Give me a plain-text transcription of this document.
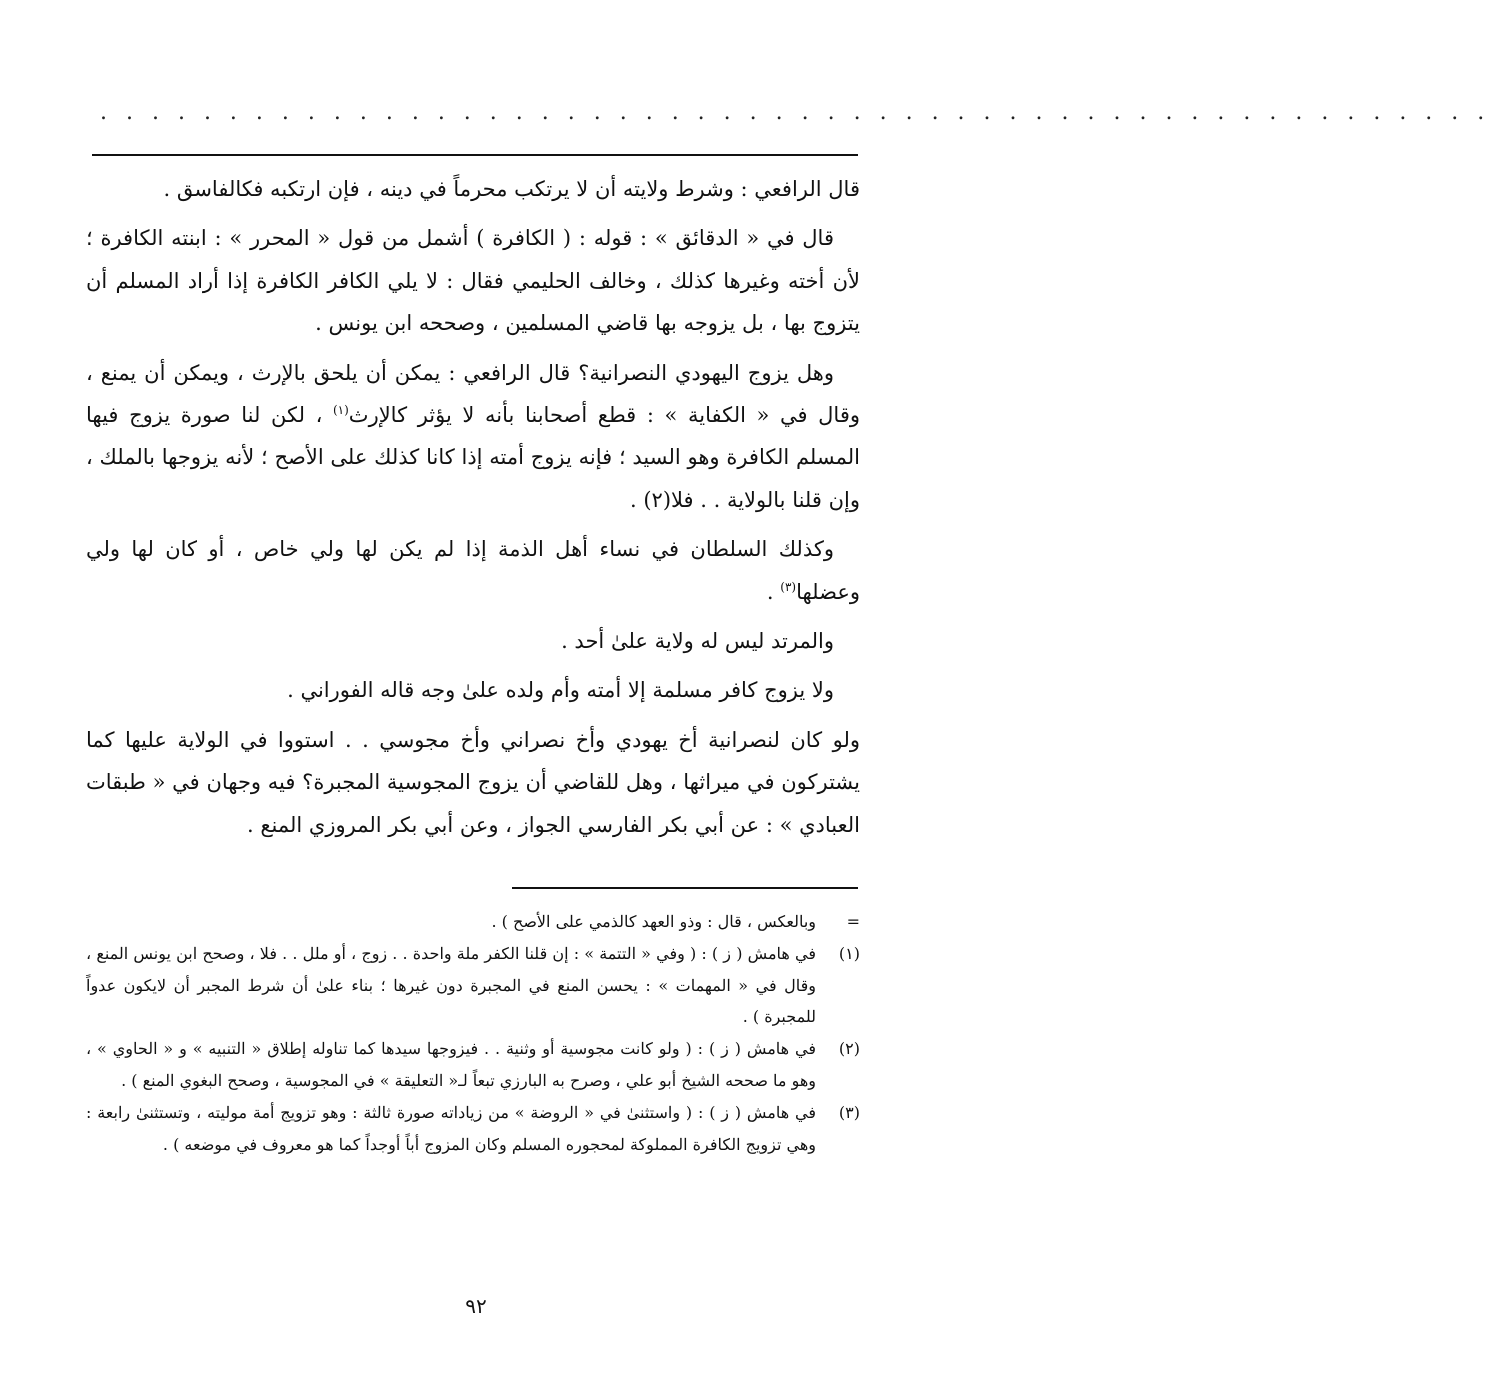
. . . . . . . . . . . . . . . . . . . . . . . . . . . . . . . . . . . . . . . . . . . . . . . . . . . . . .

قال الرافعي : وشرط ولايته أن لا يرتكب محرماً في دينه ، فإن ارتكبه فكالفاسق .

قال في « الدقائق » : قوله : ( الكافرة ) أشمل من قول « المحرر » : ابنته الكافرة ؛ لأن أخته وغيرها كذلك ، وخالف الحليمي فقال : لا يلي الكافر الكافرة إذا أراد المسلم أن يتزوج بها ، بل يزوجه بها قاضي المسلمين ، وصححه ابن يونس .

وهل يزوج اليهودي النصرانية؟ قال الرافعي : يمكن أن يلحق بالإرث ، ويمكن أن يمنع ، وقال في « الكفاية » : قطع أصحابنا بأنه لا يؤثر كالإرث$^{(١)}$ ، لكن لنا صورة يزوج فيها المسلم الكافرة وهو السيد ؛ فإنه يزوج أمته إذا كانا كذلك على الأصح ؛ لأنه يزوجها بالملك ، وإن قلنا بالولاية . . فلا(٢) .

وكذلك السلطان في نساء أهل الذمة إذا لم يكن لها ولي خاص ، أو كان لها ولي وعضلها$^{(٣)}$ .

والمرتد ليس له ولاية علىٰ أحد .

ولا يزوج كافر مسلمة إلا أمته وأم ولده علىٰ وجه قاله الفوراني .

ولو كان لنصرانية أخ يهودي وأخ نصراني وأخ مجوسي . . استووا في الولاية عليها كما يشتركون في ميراثها ، وهل للقاضي أن يزوج المجوسية المجبرة؟ فيه وجهان في « طبقات العبادي » : عن أبي بكر الفارسي الجواز ، وعن أبي بكر المروزي المنع .

=
وبالعكس ، قال : وذو العهد كالذمي على الأصح ) .
(١)
في هامش ( ز ) : ( وفي « التتمة » : إن قلنا الكفر ملة واحدة . . زوج ، أو ملل . . فلا ، وصحح ابن يونس المنع ، وقال في « المهمات » : يحسن المنع في المجبرة دون غيرها ؛ بناء علىٰ أن شرط المجبر أن لايكون عدواً للمجبرة ) .
(٢)
في هامش ( ز ) : ( ولو كانت مجوسية أو وثنية . . فيزوجها سيدها كما تناوله إطلاق « التنبيه » و « الحاوي » ، وهو ما صححه الشيخ أبو علي ، وصرح به البارزي تبعاً لـ« التعليقة » في المجوسية ، وصحح البغوي المنع ) .
(٣)
في هامش ( ز ) : ( واستثنىٰ في « الروضة » من زياداته صورة ثالثة : وهو تزويج أمة موليته ، وتستثنىٰ رابعة : وهي تزويج الكافرة المملوكة لمحجوره المسلم وكان المزوج أباً أوجداً كما هو معروف في موضعه ) .
٩٢
